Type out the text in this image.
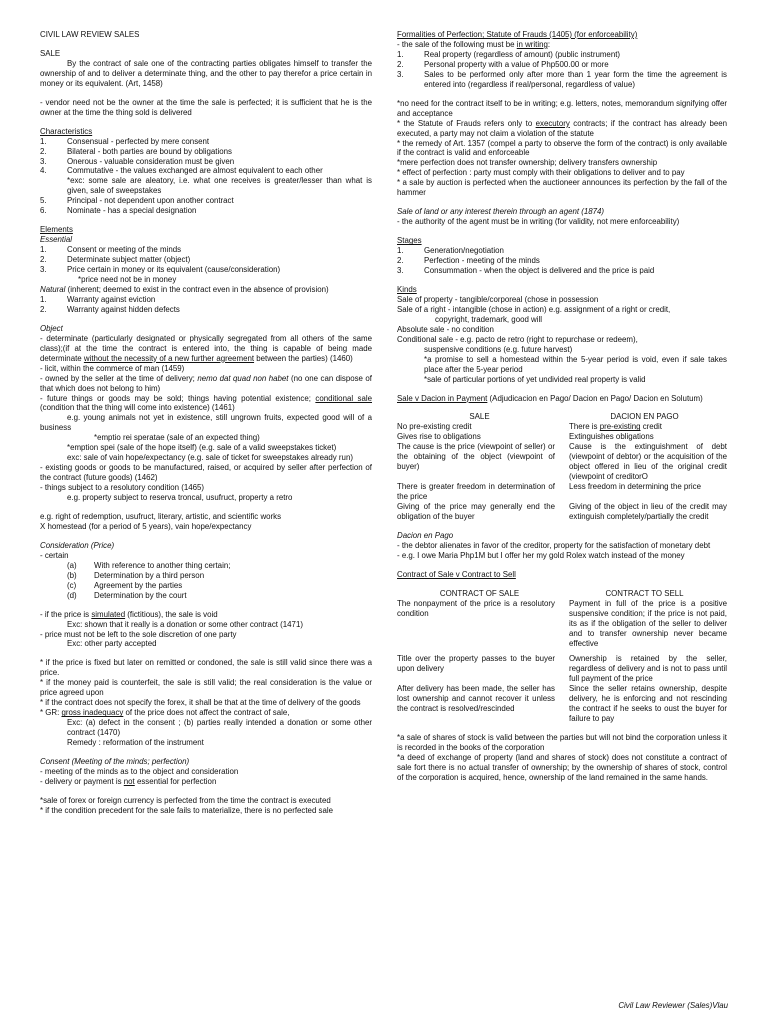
CIVIL LAW REVIEW SALES

SALE

By the contract of sale one of the contracting parties obligates himself to transfer the ownership of and to deliver a determinate thing, and the other to pay therefor a price certain in money or its equivalent. (Art, 1458)

- vendor need not be the owner at the time the sale is perfected; it is sufficient that he is the owner at the time the thing sold is delivered

Characteristics

1.	Consensual - perfected by mere consent
2.	Bilateral - both parties are bound by obligations
3.	Onerous - valuable consideration must be given
4.	Commutative - the values exchanged are almost equivalent to each other

*exc: some sale are aleatory, i.e. what one receives is greater/lesser than what is given, sale of sweepstakes

5.	Principal - not dependent upon another contract
6.	Nominate - has a special designation

Elements

Essential

1.	Consent or meeting of the minds
2.	Determinate subject matter (object)
3.	Price certain in money or its equivalent (cause/consideration)

*price need not be in money

Natural (inherent; deemed to exist in the contract even in the absence of provision)

1.	Warranty against eviction
2.	Warranty against hidden defects

Object

- determinate (particularly designated or physically segregated from all others of the same class);(if at the time the contract is entered into, the thing is capable of being made determinate without the necessity of a new further agreement between the parties) (1460)

- licit, within the commerce of man (1459)

- owned by the seller at the time of delivery; nemo dat quad non habet (no one can dispose of that which does not belong to him)

- future things or goods may be sold; things having potential existence; conditional sale (condition that the thing will come into existence) (1461)

e.g. young animals not yet in existence, still ungrown fruits, expected good will of a business

*emptio rei speratae (sale of an expected thing)

*emption spei (sale of the hope itself) (e.g. sale of a valid sweepstakes ticket)

exc: sale of vain hope/expectancy (e.g. sale of ticket for sweepstakes already run)

- existing goods or goods to be manufactured, raised, or acquired by seller after perfection of the contract (future goods) (1462)

- things subject to a resolutory condition (1465)

e.g. property subject to reserva troncal, usufruct, property a retro

e.g. right of redemption, usufruct, literary, artistic, and scientific works

X homestead (for a period of 5 years), vain hope/expectancy

Consideration (Price)

- certain

(a)	With reference to another thing certain;
(b)	Determination by a third person
(c)	Agreement by the parties
(d)	Determination by the court

- if the price is simulated (fictitious), the sale is void

Exc: shown that it really is a donation or some other contract (1471)

- price must not be left to the sole discretion of one party

Exc: other party accepted

* if the price is fixed but later on remitted or condoned, the sale is still valid since there was a price.

* if the money paid is counterfeit, the sale is still valid; the real consideration is the value or price agreed upon

* if the contract does not specify the forex, it shall be that at the time of delivery of the goods

* GR: gross inadequacy of the price does not affect the contract of sale,

Exc: (a) defect in the consent ; (b) parties really intended a donation or some other contract (1470)

Remedy : reformation of the instrument

Consent (Meeting of the minds; perfection)

- meeting of the minds as to the object and consideration

- delivery or payment is not essential for perfection

*sale of forex or foreign currency is perfected from the time the contract is executed

* if the condition precedent for the sale fails to materialize, there is no perfected sale

Formalities of Perfection; Statute of Frauds (1405) (for enforceability)

- the sale of the following must be in writing:

1.	Real property (regardless of amount) (public instrument)
2.	Personal property with a value of Php500.00 or more
3.	Sales to be performed only after more than 1 year form the time the agreement is entered into (regardless if real/personal, regardless of value)

*no need for the contract itself to be in writing; e.g. letters, notes, memorandum signifying offer and acceptance

* the Statute of Frauds refers only to executory contracts; if the contract has already been executed, a party may not claim a violation of the statute

* the remedy of Art. 1357 (compel a party to observe the form of the contract) is only available if the contract is valid and enforceable

*mere perfection does not transfer ownership; delivery transfers ownership

* effect of perfection : party must comply with their obligations to deliver and to pay

* a sale by auction is perfected when the auctioneer announces its perfection by the fall of the hammer

Sale of land or any interest therein through an agent (1874)

- the authority of the agent must be in writing (for validity, not mere enforceability)

Stages

1.	Generation/negotiation
2.	Perfection - meeting of the minds
3.	Consummation - when the object is delivered and the price is paid

Kinds

Sale of property - tangible/corporeal (chose in possession

Sale of a right - intangible (chose in action) e.g. assignment of a right or credit,

copyright, trademark, good will

Absolute sale - no condition

Conditional sale - e.g. pacto de retro (right to repurchase or redeem),

suspensive conditions (e.g. future harvest)

*a promise to sell a homestead within the 5-year period is void, even if sale takes place after the 5-year period

*sale of particular portions of yet undivided real property is valid

Sale v Dacion in Payment (Adjudicacion en Pago/ Dacion en Pago/ Dacion en Solutum)

SALE	DACION EN PAGO
No pre-existing credit	There is pre-existing credit
Gives rise to obligations	Extinguishes obligations
The cause is the price (viewpoint of seller) or the obtaining of the object (viewpoint of buyer)	Cause is the extinguishment of debt (viewpoint of debtor) or the acquisition of the object offered in lieu of the original credit (viewpoint of creditorO
There is greater freedom in determination of the price	Less freedom in determining the price
Giving of the price may generally end the obligation of the buyer	Giving of the object in lieu of the credit may extinguish completely/partially the credit

Dacion en Pago

- the debtor alienates in favor of the creditor, property for the satisfaction of monetary debt

- e.g. I owe Maria Php1M but I offer her my gold Rolex watch instead of the money

Contract of Sale v Contract to Sell

CONTRACT OF SALE	CONTRACT TO SELL
The nonpayment of the price is a resolutory condition	Payment in full of the price is a positive suspensive condition; if the price is not paid, its as if the obligation of the seller to deliver and to transfer ownership never became effective

Title over the property passes to the buyer upon delivery	Ownership is retained by the seller, regardless of delivery and is not to pass until full payment of the price
After delivery has been made, the seller has lost ownership and cannot recover it unless the contract is resolved/rescinded	Since the seller retains ownership, despite delivery, he is enforcing and not rescinding the contract if he seeks to oust the buyer for failure to pay

*a sale of shares of stock is valid between the parties but will not bind the corporation unless it is recorded in the books of the corporation

*a deed of exchange of property (land and shares of stock) does not constitute a contract of sale fort there is no actual transfer of ownership; by the ownership of shares of stock, control of the corporation is acquired, hence, ownership of the land remained in the same hands.

Civil Law Reviewer (Sales)Vlau
